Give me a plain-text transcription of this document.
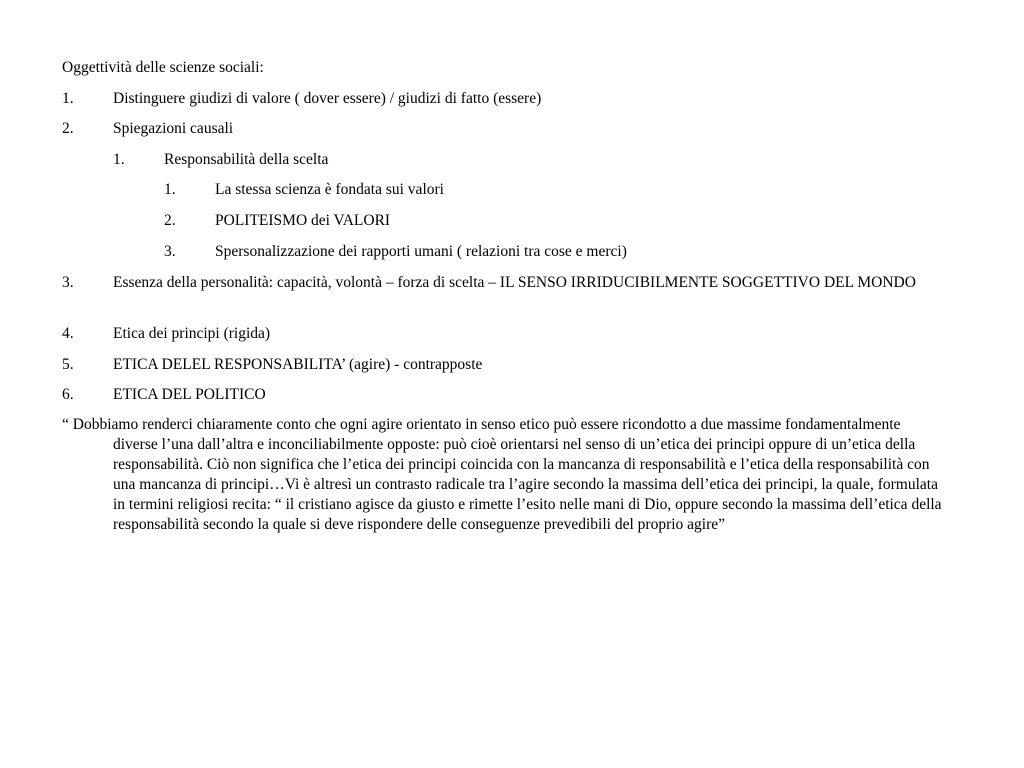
Oggettività delle scienze sociali:
1.	Distinguere giudizi di valore ( dover essere) / giudizi di fatto (essere)
2.	Spiegazioni causali
1.	Responsabilità della scelta
1.	La stessa scienza è fondata sui valori
2.	POLITEISMO dei VALORI
3.	Spersonalizzazione dei rapporti umani ( relazioni tra cose e merci)
3.	Essenza della personalità: capacità, volontà – forza di scelta – IL SENSO IRRIDUCIBILMENTE SOGGETTIVO DEL MONDO
4.	Etica dei principi (rigida)
5.	ETICA DELEL RESPONSABILITA’ (agire) - contrapposte
6.	ETICA DEL POLITICO
“ Dobbiamo renderci chiaramente conto che ogni agire orientato in senso etico può essere ricondotto a due massime fondamentalmente diverse l’una dall’altra e inconciliabilmente opposte: può cioè orientarsi nel senso di un’etica dei principi oppure di un’etica della responsabilità. Ciò non significa che l’etica dei principi coincida con la mancanza di responsabilità e l’etica della responsabilità con una mancanza di principi…Vi è altresì un contrasto radicale tra l’agire secondo la massima dell’etica dei principi, la quale, formulata in termini religiosi recita: “ il cristiano agisce da giusto e rimette l’esito nelle mani di Dio, oppure secondo la massima dell’etica della responsabilità secondo la quale si deve rispondere delle conseguenze prevedibili del proprio agire”
